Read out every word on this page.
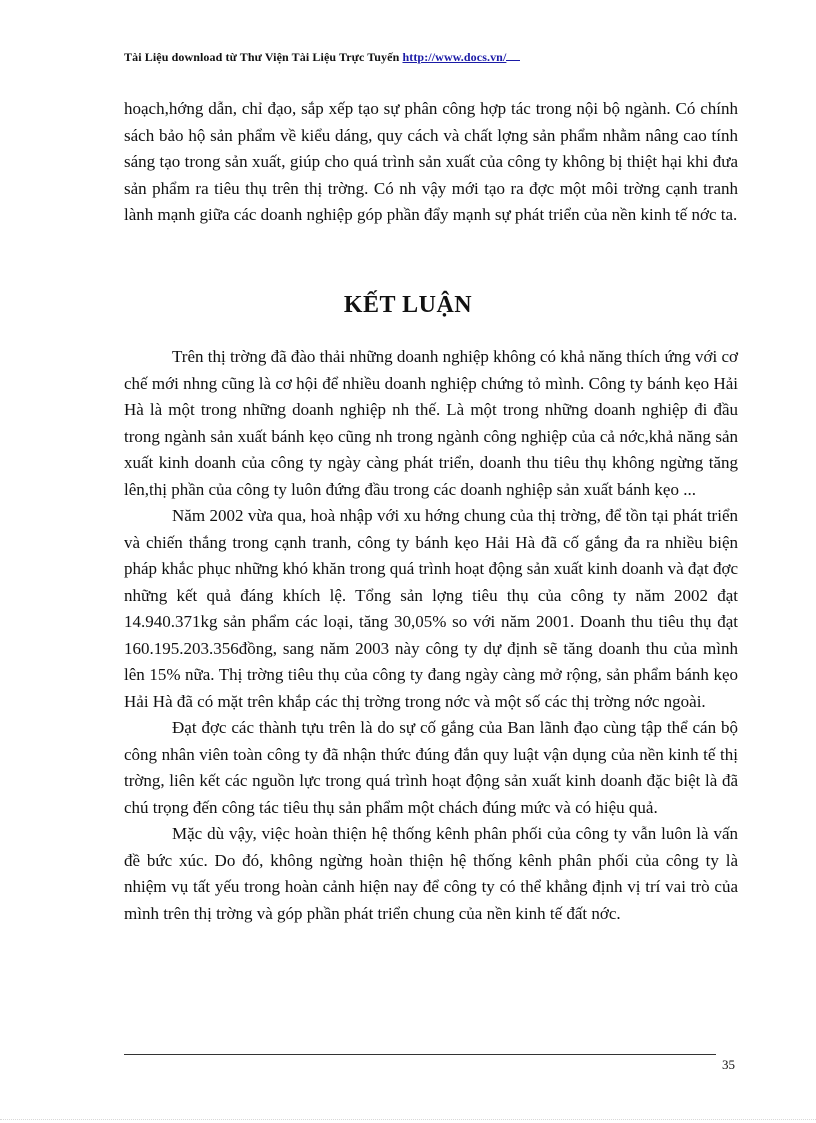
Tài Liệu download từ Thư Viện Tài Liệu Trực Tuyến http://www.docs.vn/

hoạch,hớng dẫn, chỉ đạo, sắp xếp tạo sự phân công hợp tác trong nội bộ ngành. Có chính sách bảo hộ sản phẩm về kiểu dáng, quy cách và chất lợng sản phẩm nhằm nâng cao tính sáng tạo trong sản xuất, giúp cho quá trình sản xuất của công ty không bị thiệt hại khi đưa sản phẩm ra tiêu thụ trên thị trờng. Có nh vậy mới tạo ra đợc một môi trờng cạnh tranh lành mạnh giữa các doanh nghiệp góp phần đẩy mạnh sự phát triển của nền kinh tế nớc ta.

KẾT LUẬN

Trên thị trờng đã đào thải những doanh nghiệp không có khả năng thích ứng với cơ chế mới nhng cũng là cơ hội để nhiều doanh nghiệp chứng tỏ mình. Công ty bánh kẹo Hải Hà là một trong những doanh nghiệp nh thế. Là một trong những doanh nghiệp đi đầu trong ngành sản xuất bánh kẹo cũng nh trong ngành công nghiệp của cả nớc,khả năng sản xuất kinh doanh của công ty ngày càng phát triển, doanh thu tiêu thụ không ngừng tăng lên,thị phần của công ty luôn đứng đầu trong các doanh nghiệp sản xuất bánh kẹo ...

Năm 2002 vừa qua, hoà nhập với xu hớng chung của thị trờng, để tồn tại phát triển và chiến thắng trong cạnh tranh, công ty bánh kẹo Hải Hà đã cố gắng đa ra nhiều biện pháp khắc phục những khó khăn trong quá trình hoạt động sản xuất kinh doanh và đạt đợc những kết quả đáng khích lệ. Tổng sản lợng tiêu thụ của công ty năm 2002 đạt 14.940.371kg sản phẩm các loại, tăng 30,05% so với năm 2001. Doanh thu tiêu thụ đạt 160.195.203.356đồng, sang năm 2003 này công ty dự định sẽ tăng doanh thu của mình lên 15% nữa. Thị trờng tiêu thụ của công ty đang ngày càng mở rộng, sản phẩm bánh kẹo Hải Hà đã có mặt trên khắp các thị trờng trong nớc và một số các thị trờng nớc ngoài.

Đạt đợc các thành tựu trên là do sự cố gắng của Ban lãnh đạo cùng tập thể cán bộ công nhân viên toàn công ty đã nhận thức đúng đắn quy luật vận dụng của nền kinh tế thị trờng, liên kết các nguồn lực trong quá trình hoạt động sản xuất kinh doanh đặc biệt là đã chú trọng đến công tác tiêu thụ sản phẩm một chách đúng mức và có hiệu quả.

Mặc dù vậy, việc hoàn thiện hệ thống kênh phân phối của công ty vẫn luôn là vấn đề bức xúc. Do đó, không ngừng hoàn thiện hệ thống kênh phân phối của công ty là nhiệm vụ tất yếu trong hoàn cảnh hiện nay để công ty có thể khẳng định vị trí vai trò của mình trên thị trờng và góp phần phát triển chung của nền kinh tế đất nớc.

35
